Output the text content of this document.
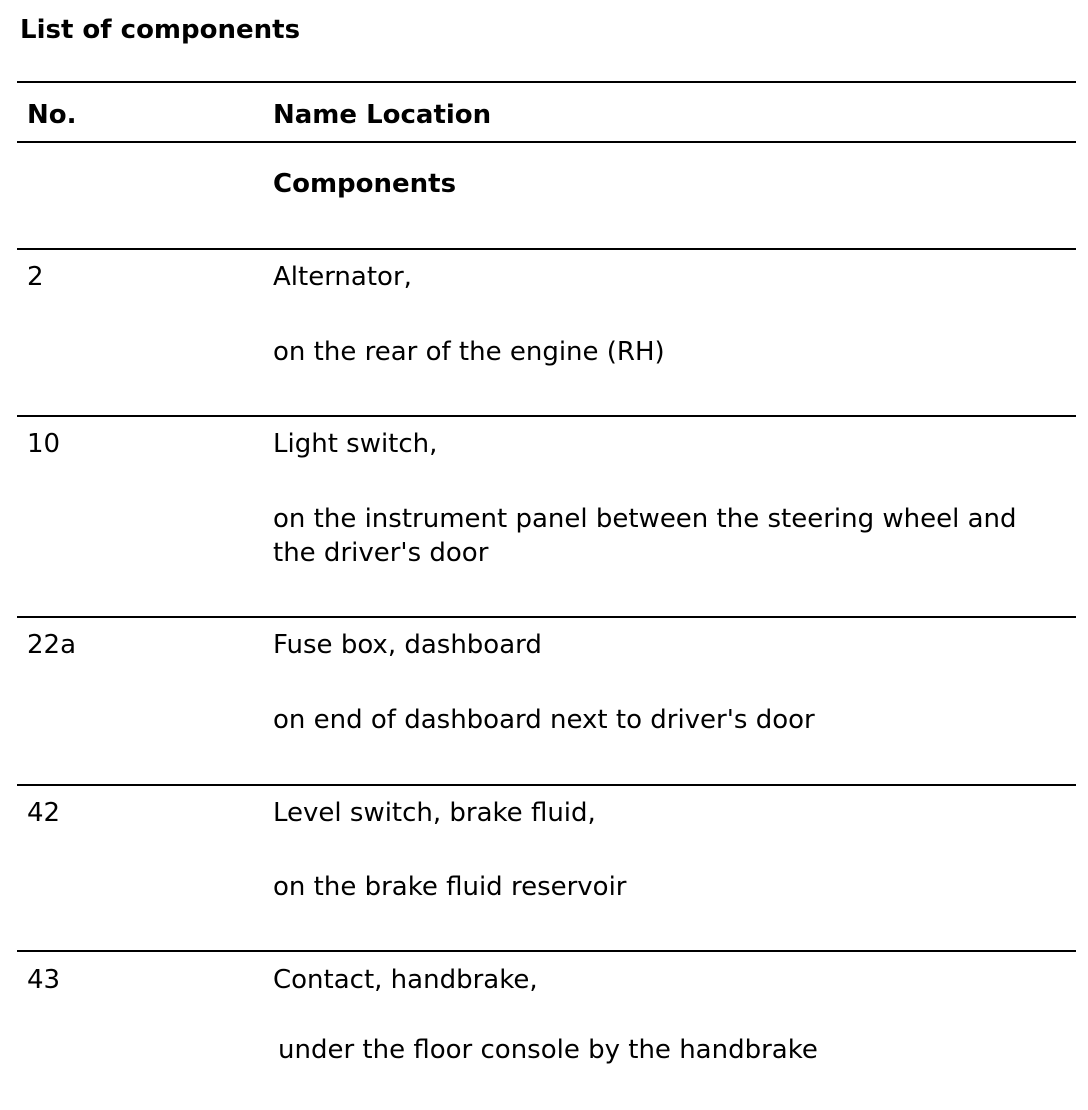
List of components
No.	Name Location
Components
2	Alternator,
on the rear of the engine (RH)
10	Light switch,
on the instrument panel between the steering wheel and the driver's door
22a	Fuse box, dashboard
on end of dashboard next to driver's door
42	Level switch, brake fluid,
on the brake fluid reservoir
43	Contact, handbrake,
under the floor console by the handbrake
